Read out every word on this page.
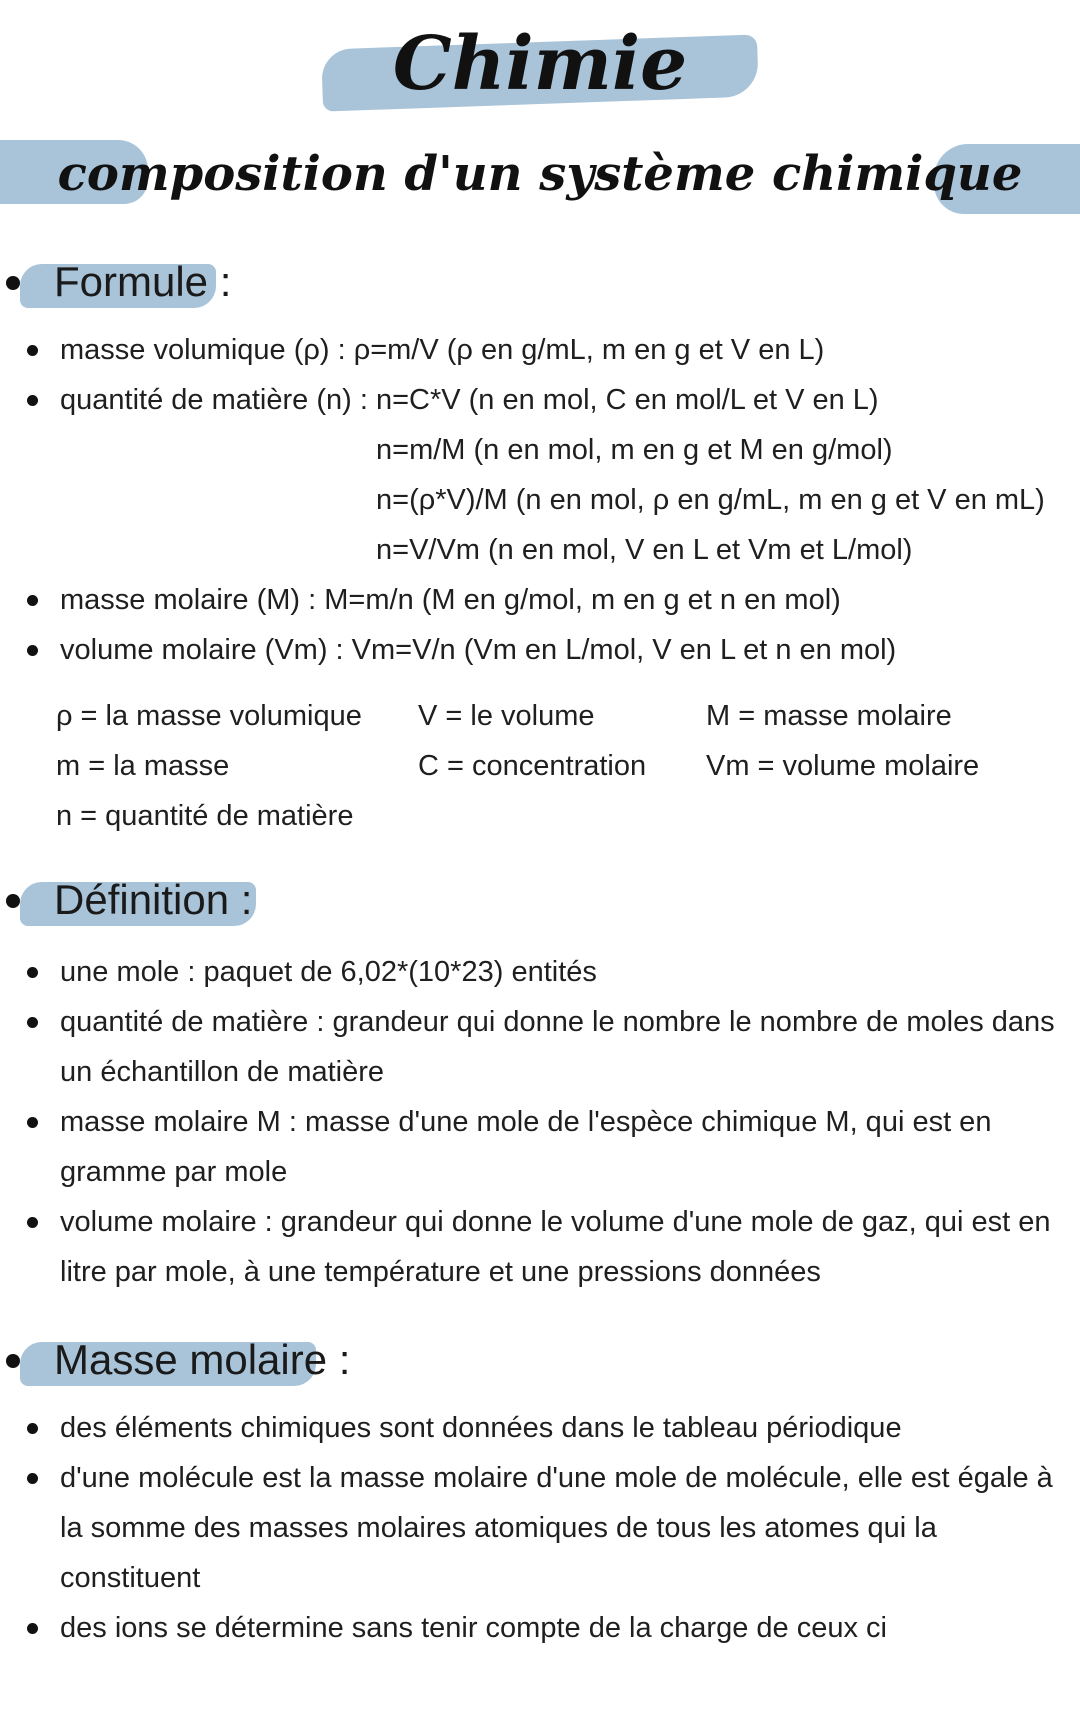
Chimie
composition d'un système chimique
Formule :
masse volumique (ρ) : ρ=m/V (ρ en g/mL, m en g et V en L)
quantité de matière (n) : n=C*V (n en mol, C en mol/L et V en L)
n=m/M (n en mol, m en g et M en g/mol)
n=(ρ*V)/M (n en mol, ρ en g/mL, m en g et V en mL)
n=V/Vm (n en mol, V en L et Vm et L/mol)
masse molaire (M) : M=m/n (M en g/mol, m en g et n en mol)
volume molaire (Vm) : Vm=V/n (Vm en L/mol, V en L et n en mol)
ρ = la masse volumique
m = la masse
n = quantité de matière
V = le volume
C = concentration
M = masse molaire
Vm = volume molaire
Définition :
une mole : paquet de 6,02*(10*23) entités
quantité de matière : grandeur qui donne le nombre le nombre de moles dans un échantillon de matière
masse molaire M : masse d'une mole de l'espèce chimique M, qui est en gramme par mole
volume molaire : grandeur qui donne le volume d'une mole de gaz, qui est en litre par mole, à une température et une pressions données
Masse molaire :
des éléments chimiques sont données dans le tableau périodique
d'une molécule est la masse molaire d'une mole de molécule, elle est égale à la somme des masses molaires atomiques de tous les atomes qui la constituent
des ions se détermine sans tenir compte de la charge de ceux ci
